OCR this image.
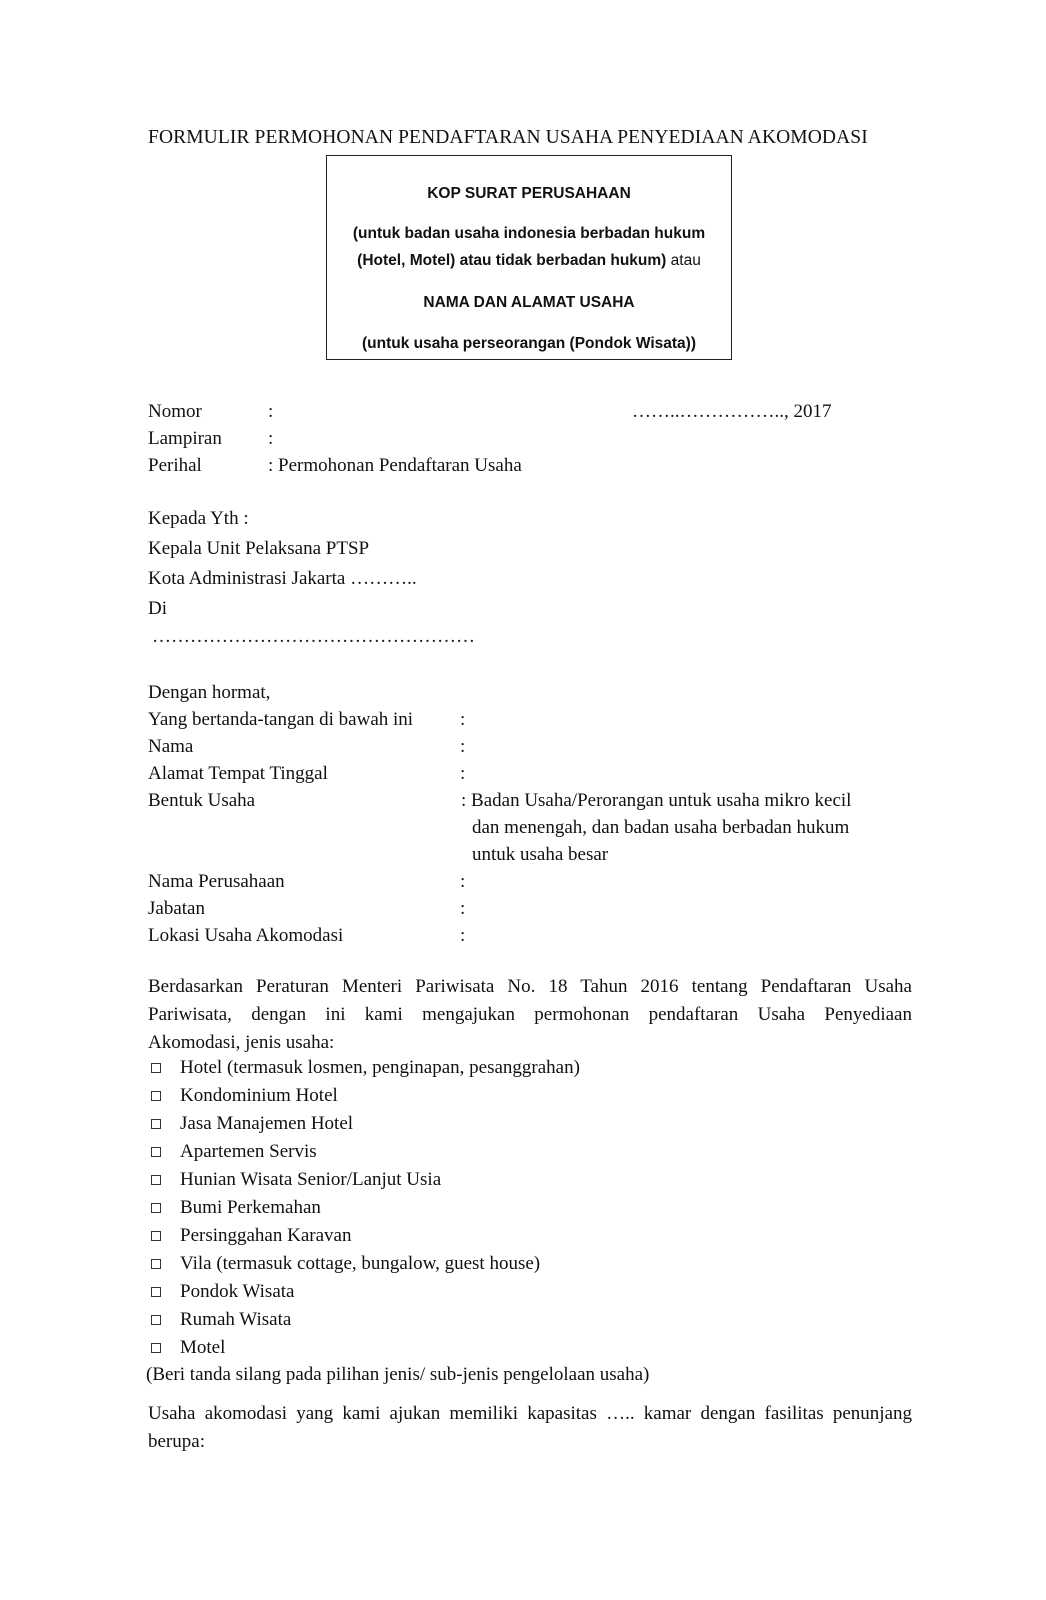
FORMULIR PERMOHONAN PENDAFTARAN USAHA PENYEDIAAN AKOMODASI
KOP SURAT PERUSAHAAN
(untuk badan usaha indonesia berbadan hukum
(Hotel, Motel) atau tidak berbadan hukum) atau
NAMA DAN ALAMAT USAHA
(untuk usaha perseorangan (Pondok Wisata))
Nomor	:	……..…………….., 2017
Lampiran :
Perihal	: Permohonan Pendaftaran Usaha
Kepada Yth :
Kepala Unit Pelaksana PTSP
Kota Administrasi Jakarta ………..
Di
……………………………………………
Dengan hormat,
Yang bertanda-tangan di bawah ini :
Nama	:
Alamat Tempat Tinggal	:
Bentuk Usaha	: Badan Usaha/Perorangan untuk usaha mikro kecil
dan menengah, dan badan usaha berbadan hukum
untuk usaha besar
Nama Perusahaan	:
Jabatan	:
Lokasi Usaha Akomodasi	:
Berdasarkan Peraturan Menteri Pariwisata No. 18 Tahun 2016 tentang Pendaftaran Usaha
Pariwisata, dengan ini kami mengajukan permohonan pendaftaran Usaha Penyediaan
Akomodasi, jenis usaha:
Hotel (termasuk losmen, penginapan, pesanggrahan)
Kondominium Hotel
Jasa Manajemen Hotel
Apartemen Servis
Hunian Wisata Senior/Lanjut Usia
Bumi Perkemahan
Persinggahan Karavan
Vila (termasuk cottage, bungalow, guest house)
Pondok Wisata
Rumah Wisata
Motel
(Beri tanda silang pada pilihan jenis/ sub-jenis pengelolaan usaha)
Usaha akomodasi yang kami ajukan memiliki kapasitas ….. kamar dengan fasilitas penunjang
berupa:
